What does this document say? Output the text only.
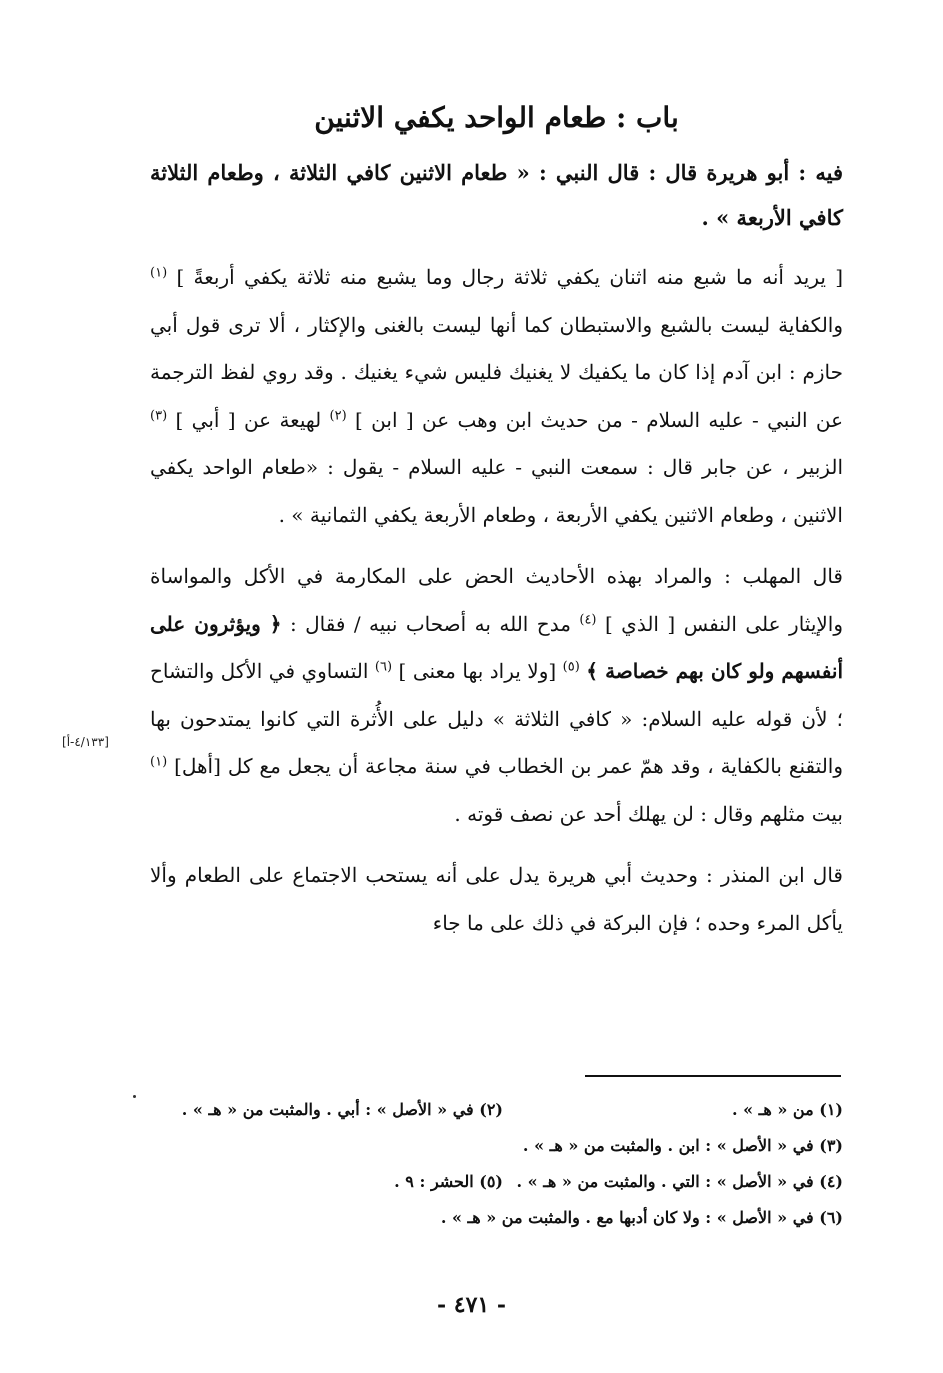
باب : طعام الواحد يكفي الاثنين
فيه : أبو هريرة قال : قال النبي : « طعام الاثنين كافي الثلاثة ، وطعام الثلاثة كافي الأربعة » .
[ يريد أنه ما شبع منه اثنان يكفي ثلاثة رجال وما يشبع منه ثلاثة يكفي أربعةً ] $^{(١)}$ والكفاية ليست بالشبع والاستبطان كما أنها ليست بالغنى والإكثار ، ألا ترى قول أبي حازم : ابن آدم إذا كان ما يكفيك لا يغنيك فليس شيء يغنيك . وقد روي لفظ الترجمة عن النبي - عليه السلام - من حديث ابن وهب عن [ ابن ] $^{(٢)}$ لهيعة عن [ أبي ] $^{(٣)}$ الزبير ، عن جابر قال : سمعت النبي - عليه السلام - يقول : «طعام الواحد يكفي الاثنين ، وطعام الاثنين يكفي الأربعة ، وطعام الأربعة يكفي الثمانية » .
قال المهلب : والمراد بهذه الأحاديث الحض على المكارمة في الأكل والمواساة والإيثار على النفس [ الذي ] $^{(٤)}$ مدح الله به أصحاب نبيه / فقال : ﴿ ويؤثرون على أنفسهم ولو كان بهم خصاصة ﴾ $^{(٥)}$ [ولا يراد بها معنى ] $^{(٦)}$ التساوي في الأكل والتشاح ؛ لأن قوله عليه السلام: « كافي الثلاثة » دليل على الأُثرة التي كانوا يمتدحون بها والتقنع بالكفاية ، وقد همّ عمر بن الخطاب في سنة مجاعة أن يجعل مع كل [أهل] $^{(١)}$ بيت مثلهم وقال : لن يهلك أحد عن نصف قوته .
قال ابن المنذر : وحديث أبي هريرة يدل على أنه يستحب الاجتماع على الطعام وألا يأكل المرء وحده ؛ فإن البركة في ذلك على ما جاء
[٤/١٣٣-أ]
(١) من « هـ » .
(٢) في « الأصل » : أبي . والمثبت من « هـ » .
(٣) في « الأصل » : ابن . والمثبت من « هـ » .
(٤) في « الأصل » : التي . والمثبت من « هـ » .
(٥) الحشر : ٩ .
(٦) في « الأصل » : ولا كان أدبها مع . والمثبت من « هـ » .
- ٤٧١ -
